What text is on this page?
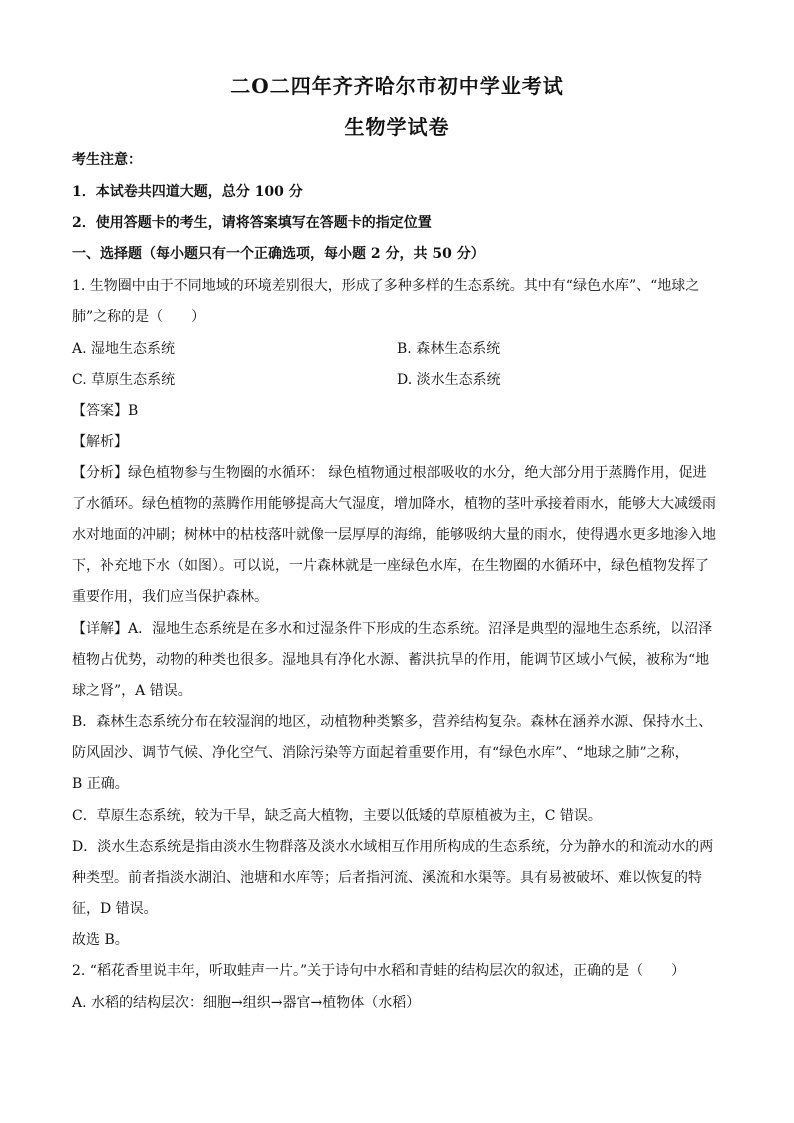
二O二四年齐齐哈尔市初中学业考试
生物学试卷

考生注意：

1．本试卷共四道大题，总分 100 分

2．使用答题卡的考生，请将答案填写在答题卡的指定位置

一、选择题（每小题只有一个正确选项，每小题 2 分，共 50 分）

1. 生物圈中由于不同地域的环境差别很大，形成了多种多样的生态系统。其中有“绿色水库”、“地球之

肺”之称的是（　　）

A. 湿地生态系统	B. 森林生态系统
C. 草原生态系统	D. 淡水生态系统

【答案】B

【解析】

【分析】绿色植物参与生物圈的水循环： 绿色植物通过根部吸收的水分，绝大部分用于蒸腾作用，促进

了水循环。绿色植物的蒸腾作用能够提高大气湿度，增加降水，植物的茎叶承接着雨水，能够大大减缓雨

水对地面的冲刷；树林中的枯枝落叶就像一层厚厚的海绵，能够吸纳大量的雨水，使得遇水更多地渗入地

下，补充地下水（如图）。可以说，一片森林就是一座绿色水库，在生物圈的水循环中，绿色植物发挥了

重要作用，我们应当保护森林。

【详解】A．湿地生态系统是在多水和过湿条件下形成的生态系统。沼泽是典型的湿地生态系统，以沼泽

植物占优势，动物的种类也很多。湿地具有净化水源、蓄洪抗旱的作用，能调节区域小气候，被称为“地

球之肾”，A 错误。

B．森林生态系统分布在较湿润的地区，动植物种类繁多，营养结构复杂。森林在涵养水源、保持水土、

防风固沙、调节气候、净化空气、消除污染等方面起着重要作用，有“绿色水库”、“地球之肺”之称，

B 正确。

C．草原生态系统，较为干旱，缺乏高大植物，主要以低矮的草原植被为主，C 错误。

D．淡水生态系统是指由淡水生物群落及淡水水域相互作用所构成的生态系统，分为静水的和流动水的两

种类型。前者指淡水湖泊、池塘和水库等；后者指河流、溪流和水渠等。具有易被破坏、难以恢复的特

征，D 错误。

故选 B。

2. “稻花香里说丰年，听取蛙声一片。”关于诗句中水稻和青蛙的结构层次的叙述，正确的是（　　）

A. 水稻的结构层次：细胞→组织→器官→植物体（水稻）
